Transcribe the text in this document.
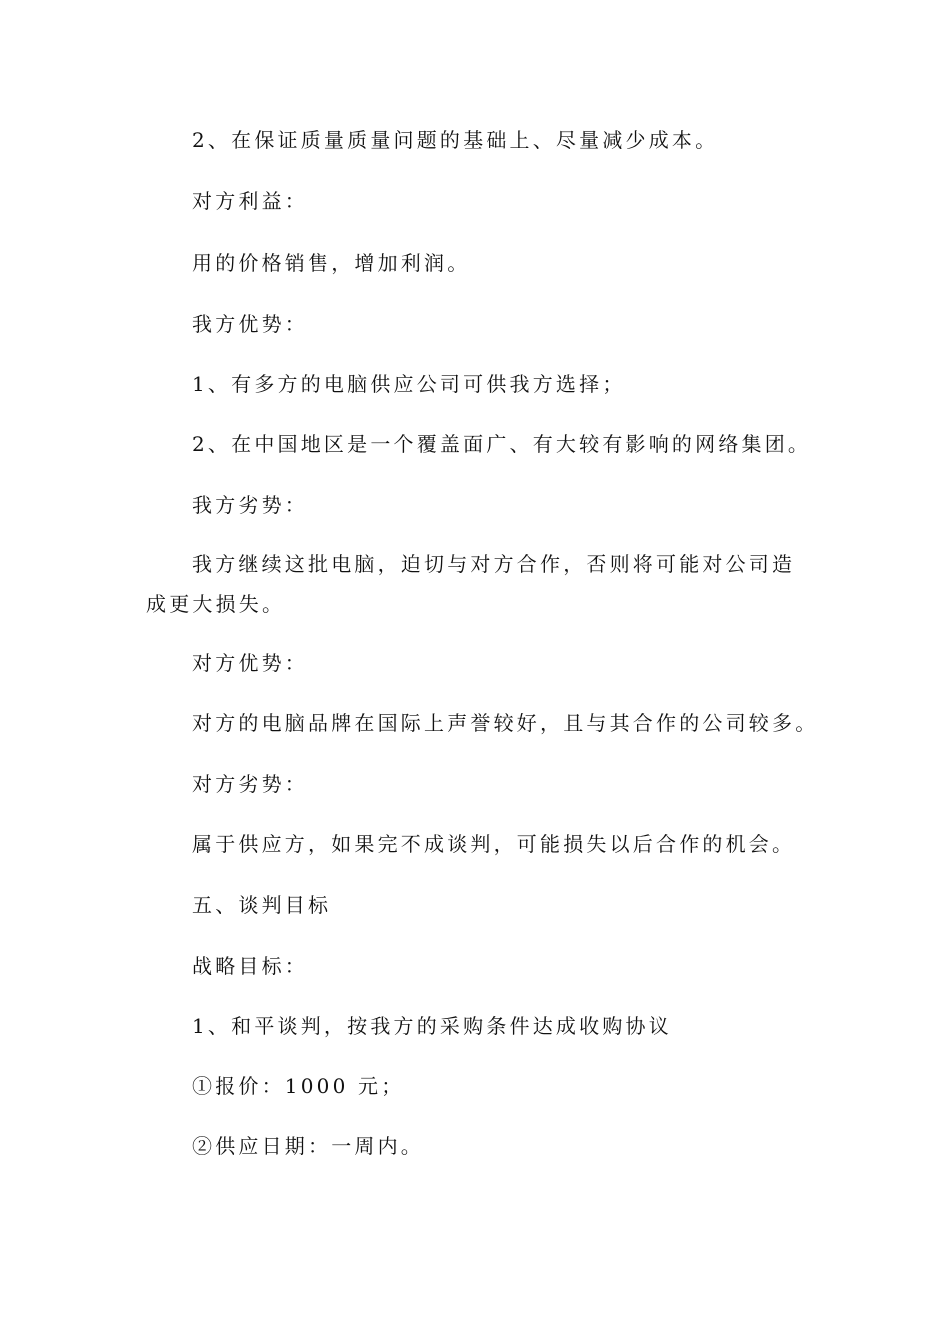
2、在保证质量质量问题的基础上、尽量减少成本。
对方利益：
用的价格销售，增加利润。
我方优势：
1、有多方的电脑供应公司可供我方选择；
2、在中国地区是一个覆盖面广、有大较有影响的网络集团。
我方劣势：
我方继续这批电脑，迫切与对方合作，否则将可能对公司造
成更大损失。
对方优势：
对方的电脑品牌在国际上声誉较好，且与其合作的公司较多。
对方劣势：
属于供应方，如果完不成谈判，可能损失以后合作的机会。
五、谈判目标
战略目标：
1、和平谈判，按我方的采购条件达成收购协议
①报价：1000 元；
②供应日期：一周内。
